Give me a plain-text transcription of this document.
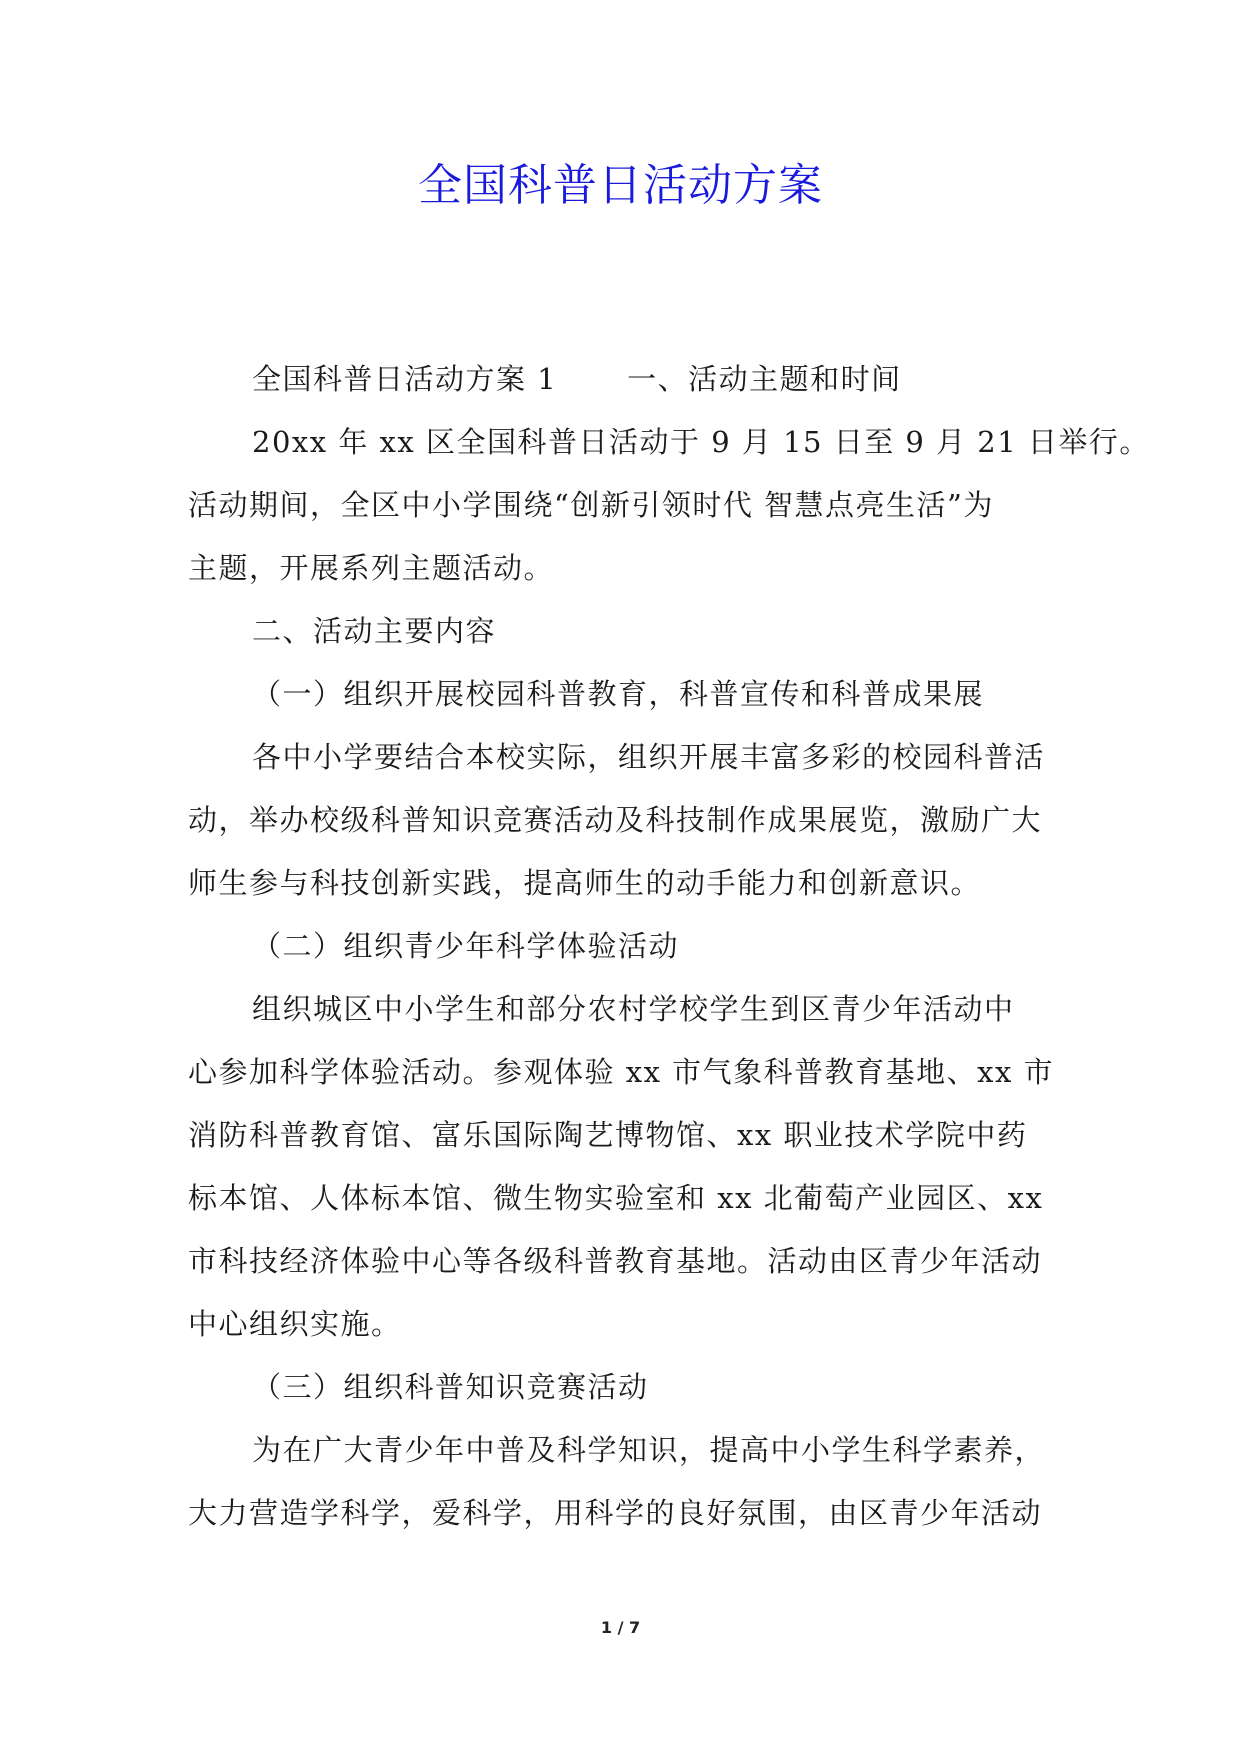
全国科普日活动方案
全国科普日活动方案 1 一、活动主题和时间
20xx 年 xx 区全国科普日活动于 9 月 15 日至 9 月 21 日举行。
活动期间，全区中小学围绕“创新引领时代 智慧点亮生活”为
主题，开展系列主题活动。
二、活动主要内容
（一）组织开展校园科普教育，科普宣传和科普成果展
各中小学要结合本校实际，组织开展丰富多彩的校园科普活
动，举办校级科普知识竞赛活动及科技制作成果展览，激励广大
师生参与科技创新实践，提高师生的动手能力和创新意识。
（二）组织青少年科学体验活动
组织城区中小学生和部分农村学校学生到区青少年活动中
心参加科学体验活动。参观体验 xx 市气象科普教育基地、xx 市
消防科普教育馆、富乐国际陶艺博物馆、xx 职业技术学院中药
标本馆、人体标本馆、微生物实验室和 xx 北葡萄产业园区、xx
市科技经济体验中心等各级科普教育基地。活动由区青少年活动
中心组织实施。
（三）组织科普知识竞赛活动
为在广大青少年中普及科学知识，提高中小学生科学素养，
大力营造学科学，爱科学，用科学的良好氛围，由区青少年活动
1 / 7
